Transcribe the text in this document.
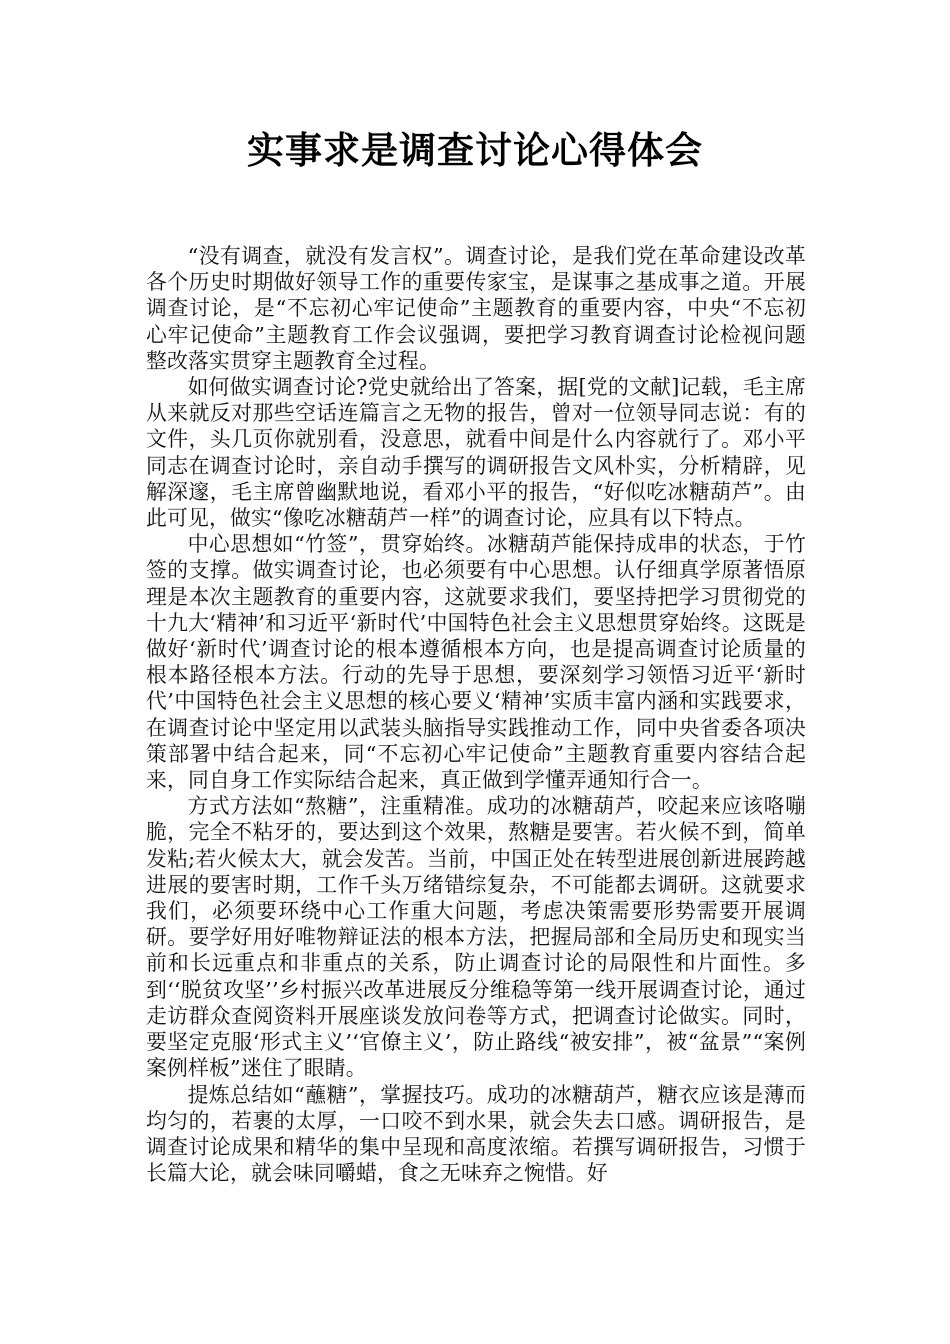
实事求是调查讨论心得体会

“没有调查，就没有发言权”。调查讨论，是我们党在革命建设改革各个历史时期做好领导工作的重要传家宝，是谋事之基成事之道。开展调查讨论，是“不忘初心牢记使命”主题教育的重要内容，中央“不忘初心牢记使命”主题教育工作会议强调，要把学习教育调查讨论检视问题整改落实贯穿主题教育全过程。

如何做实调查讨论?党史就给出了答案，据[党的文献]记载，毛主席从来就反对那些空话连篇言之无物的报告，曾对一位领导同志说：有的文件，头几页你就别看，没意思，就看中间是什么内容就行了。邓小平同志在调查讨论时，亲自动手撰写的调研报告文风朴实，分析精辟，见解深邃，毛主席曾幽默地说，看邓小平的报告，“好似吃冰糖葫芦”。由此可见，做实“像吃冰糖葫芦一样”的调查讨论，应具有以下特点。

中心思想如“竹签”，贯穿始终。冰糖葫芦能保持成串的状态，于竹签的支撑。做实调查讨论，也必须要有中心思想。认仔细真学原著悟原理是本次主题教育的重要内容，这就要求我们，要坚持把学习贯彻党的十九大‘精神’和习近平‘新时代’中国特色社会主义思想贯穿始终。这既是做好‘新时代’调查讨论的根本遵循根本方向，也是提高调查讨论质量的根本路径根本方法。行动的先导于思想，要深刻学习领悟习近平‘新时代’中国特色社会主义思想的核心要义‘精神’实质丰富内涵和实践要求，在调查讨论中坚定用以武装头脑指导实践推动工作，同中央省委各项决策部署中结合起来，同“不忘初心牢记使命”主题教育重要内容结合起来，同自身工作实际结合起来，真正做到学懂弄通知行合一。

方式方法如“熬糖”，注重精准。成功的冰糖葫芦，咬起来应该咯嘣脆，完全不粘牙的，要达到这个效果，熬糖是要害。若火候不到，简单发粘;若火候太大，就会发苦。当前，中国正处在转型进展创新进展跨越进展的要害时期，工作千头万绪错综复杂，不可能都去调研。这就要求我们，必须要环绕中心工作重大问题，考虑决策需要形势需要开展调研。要学好用好唯物辩证法的根本方法，把握局部和全局历史和现实当前和长远重点和非重点的关系，防止调查讨论的局限性和片面性。多到‘‘脱贫攻坚’’乡村振兴改革进展反分维稳等第一线开展调查讨论，通过走访群众查阅资料开展座谈发放问卷等方式，把调查讨论做实。同时，要坚定克服‘形式主义’‘官僚主义’，防止路线“被安排”，被“盆景”“案例案例样板”迷住了眼睛。

提炼总结如“蘸糖”，掌握技巧。成功的冰糖葫芦，糖衣应该是薄而均匀的，若裹的太厚，一口咬不到水果，就会失去口感。调研报告，是调查讨论成果和精华的集中呈现和高度浓缩。若撰写调研报告，习惯于长篇大论，就会味同嚼蜡，食之无味弃之惋惜。好
